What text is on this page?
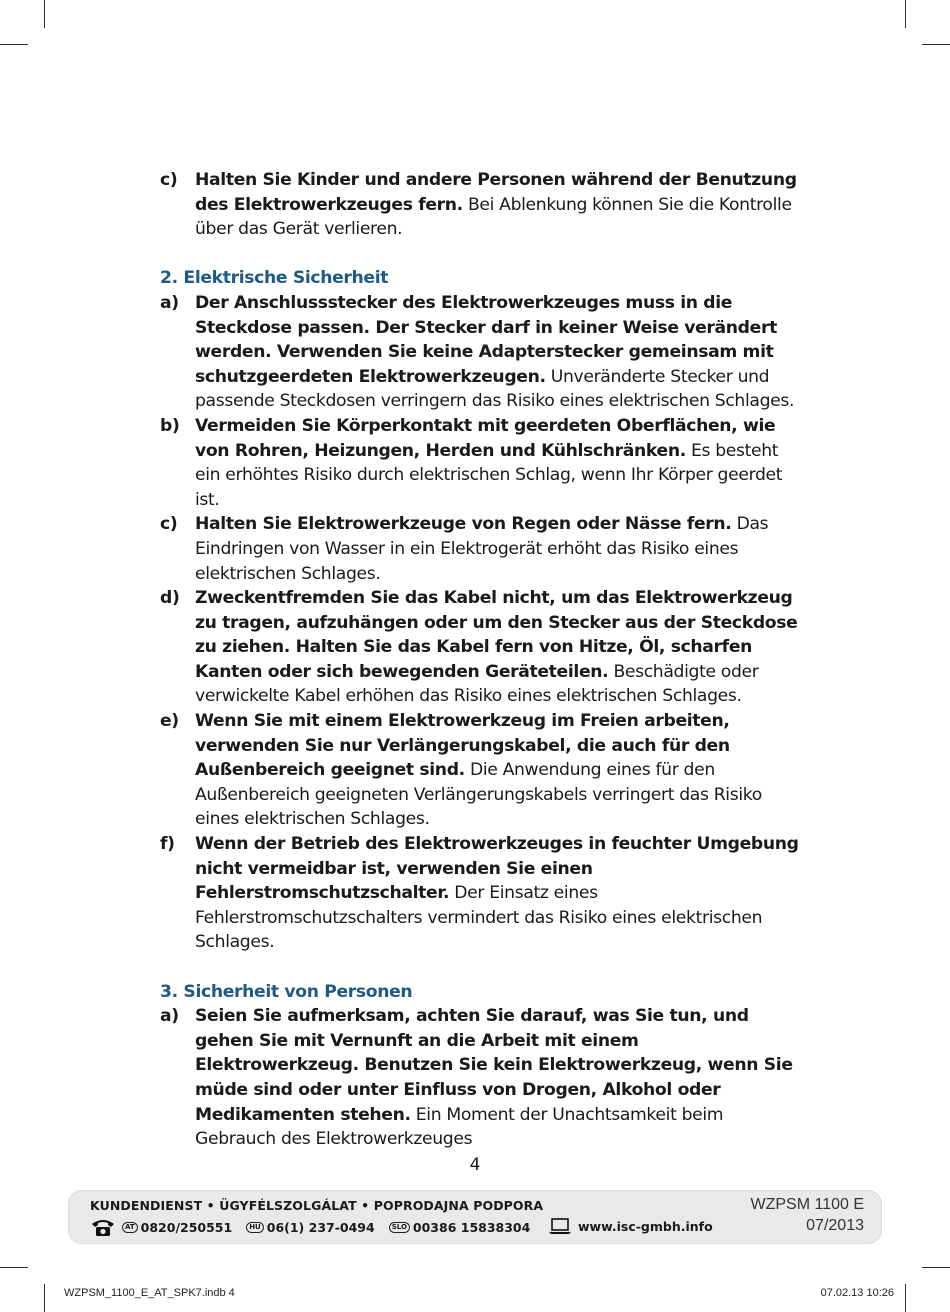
c)	Halten Sie Kinder und andere Personen während der Benutzung des Elektrowerkzeuges fern. Bei Ablenkung können Sie die Kontrolle über das Gerät verlieren.
2. Elektrische Sicherheit
a) Der Anschlussstecker des Elektrowerkzeuges muss in die Steckdose passen. Der Stecker darf in keiner Weise verändert werden. Verwenden Sie keine Adapterstecker gemeinsam mit schutzgeerdeten Elektrowerkzeugen. Unveränderte Stecker und passende Steckdosen verringern das Risiko eines elektrischen Schlages.
b) Vermeiden Sie Körperkontakt mit geerdeten Oberflächen, wie von Rohren, Heizungen, Herden und Kühlschränken. Es besteht ein erhöhtes Risiko durch elektrischen Schlag, wenn Ihr Körper geerdet ist.
c)	Halten Sie Elektrowerkzeuge von Regen oder Nässe fern. Das Eindringen von Wasser in ein Elektrogerät erhöht das Risiko eines elektrischen Schlages.
d) Zweckentfremden Sie das Kabel nicht, um das Elektrowerkzeug zu tragen, aufzuhängen oder um den Stecker aus der Steckdose zu ziehen. Halten Sie das Kabel fern von Hitze, Öl, scharfen Kanten oder sich bewegenden Geräteteilen. Beschädigte oder verwickelte Kabel erhöhen das Risiko eines elektrischen Schlages.
e) Wenn Sie mit einem Elektrowerkzeug im Freien arbeiten, verwenden Sie nur Verlängerungskabel, die auch für den Außenbereich geeignet sind. Die Anwendung eines für den Außenbereich geeigneten Verlängerungskabels verringert das Risiko eines elektrischen Schlages.
f)	Wenn der Betrieb des Elektrowerkzeuges in feuchter Umgebung nicht vermeidbar ist, verwenden Sie einen Fehlerstromschutzschalter. Der Einsatz eines Fehlerstromschutzschalters vermindert das Risiko eines elektrischen Schlages.
3. Sicherheit von Personen
a) Seien Sie aufmerksam, achten Sie darauf, was Sie tun, und gehen Sie mit Vernunft an die Arbeit mit einem Elektrowerkzeug. Benutzen Sie kein Elektrowerkzeug, wenn Sie müde sind oder unter Einfluss von Drogen, Alkohol oder Medikamenten stehen. Ein Moment der Unachtsamkeit beim Gebrauch des Elektrowerkzeuges
4
KUNDENDIENST • ÜGYFÉLSZOLGÁLAT • POPRODAJNA PODPORA
AT 0820/250551	HU 06(1) 237-0494	SLO 00386 15838304	www.isc-gmbh.info
WZPSM 1100 E
07/2013
WZPSM_1100_E_AT_SPK7.indb 4	07.02.13 10:26
